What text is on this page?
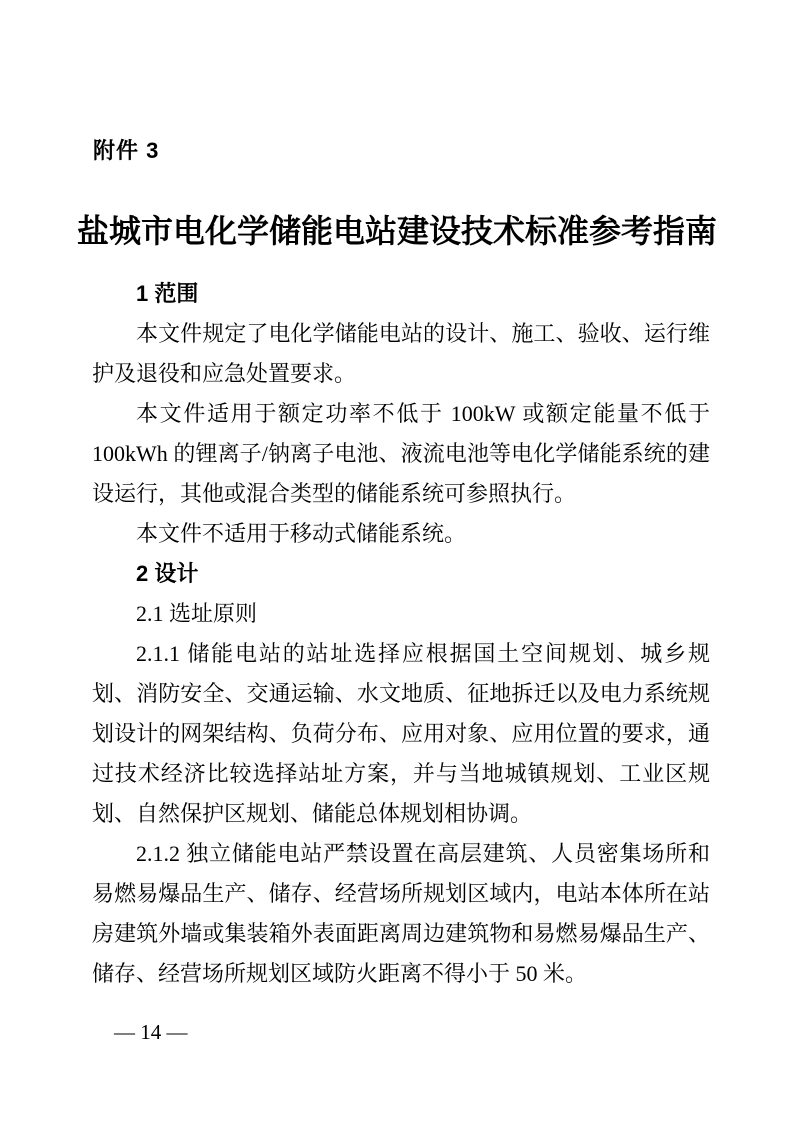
附件 3
盐城市电化学储能电站建设技术标准参考指南
1 范围

本文件规定了电化学储能电站的设计、施工、验收、运行维护及退役和应急处置要求。

本文件适用于额定功率不低于 100kW 或额定能量不低于 100kWh 的锂离子/钠离子电池、液流电池等电化学储能系统的建设运行，其他或混合类型的储能系统可参照执行。

本文件不适用于移动式储能系统。

2 设计
2.1 选址原则

2.1.1 储能电站的站址选择应根据国土空间规划、城乡规划、消防安全、交通运输、水文地质、征地拆迁以及电力系统规划设计的网架结构、负荷分布、应用对象、应用位置的要求，通过技术经济比较选择站址方案，并与当地城镇规划、工业区规划、自然保护区规划、储能总体规划相协调。

2.1.2 独立储能电站严禁设置在高层建筑、人员密集场所和易燃易爆品生产、储存、经营场所规划区域内，电站本体所在站房建筑外墙或集装箱外表面距离周边建筑物和易燃易爆品生产、储存、经营场所规划区域防火距离不得小于 50 米。

— 14 —
